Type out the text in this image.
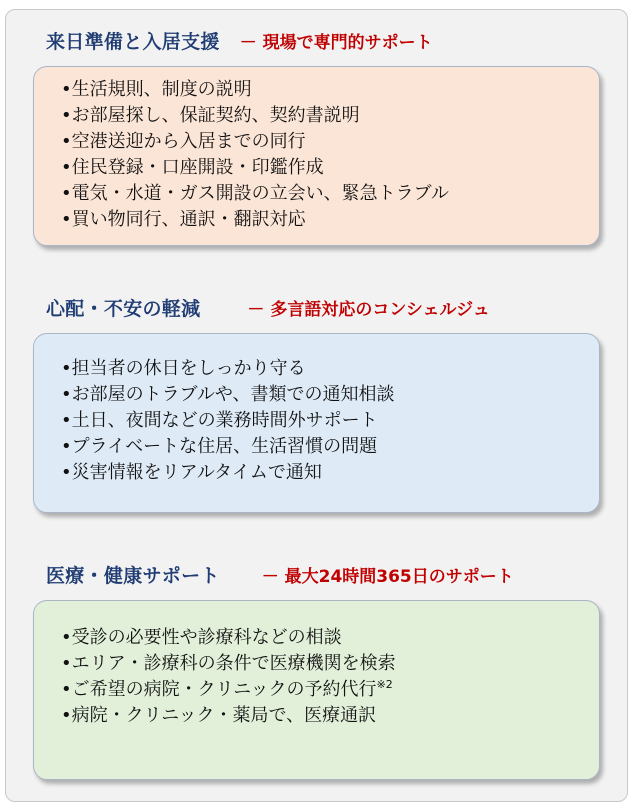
来日準備と入居支援 － 現場で専門的サポート
•生活規則、制度の説明
•お部屋探し、保証契約、契約書説明
•空港送迎から入居までの同行
•住民登録・口座開設・印鑑作成
•電気・水道・ガス開設の立会い、緊急トラブル
•買い物同行、通訳・翻訳対応
心配・不安の軽減	－ 多言語対応のコンシェルジュ
•担当者の休日をしっかり守る
•お部屋のトラブルや、書類での通知相談
•土日、夜間などの業務時間外サポート
•プライベートな住居、生活習慣の問題
•災害情報をリアルタイムで通知
医療・健康サポート － 最大24時間365日のサポート
•受診の必要性や診療科などの相談
•エリア・診療科の条件で医療機関を検索
•ご希望の病院・クリニックの予約代行$^{※2}$
•病院・クリニック・薬局で、医療通訳
